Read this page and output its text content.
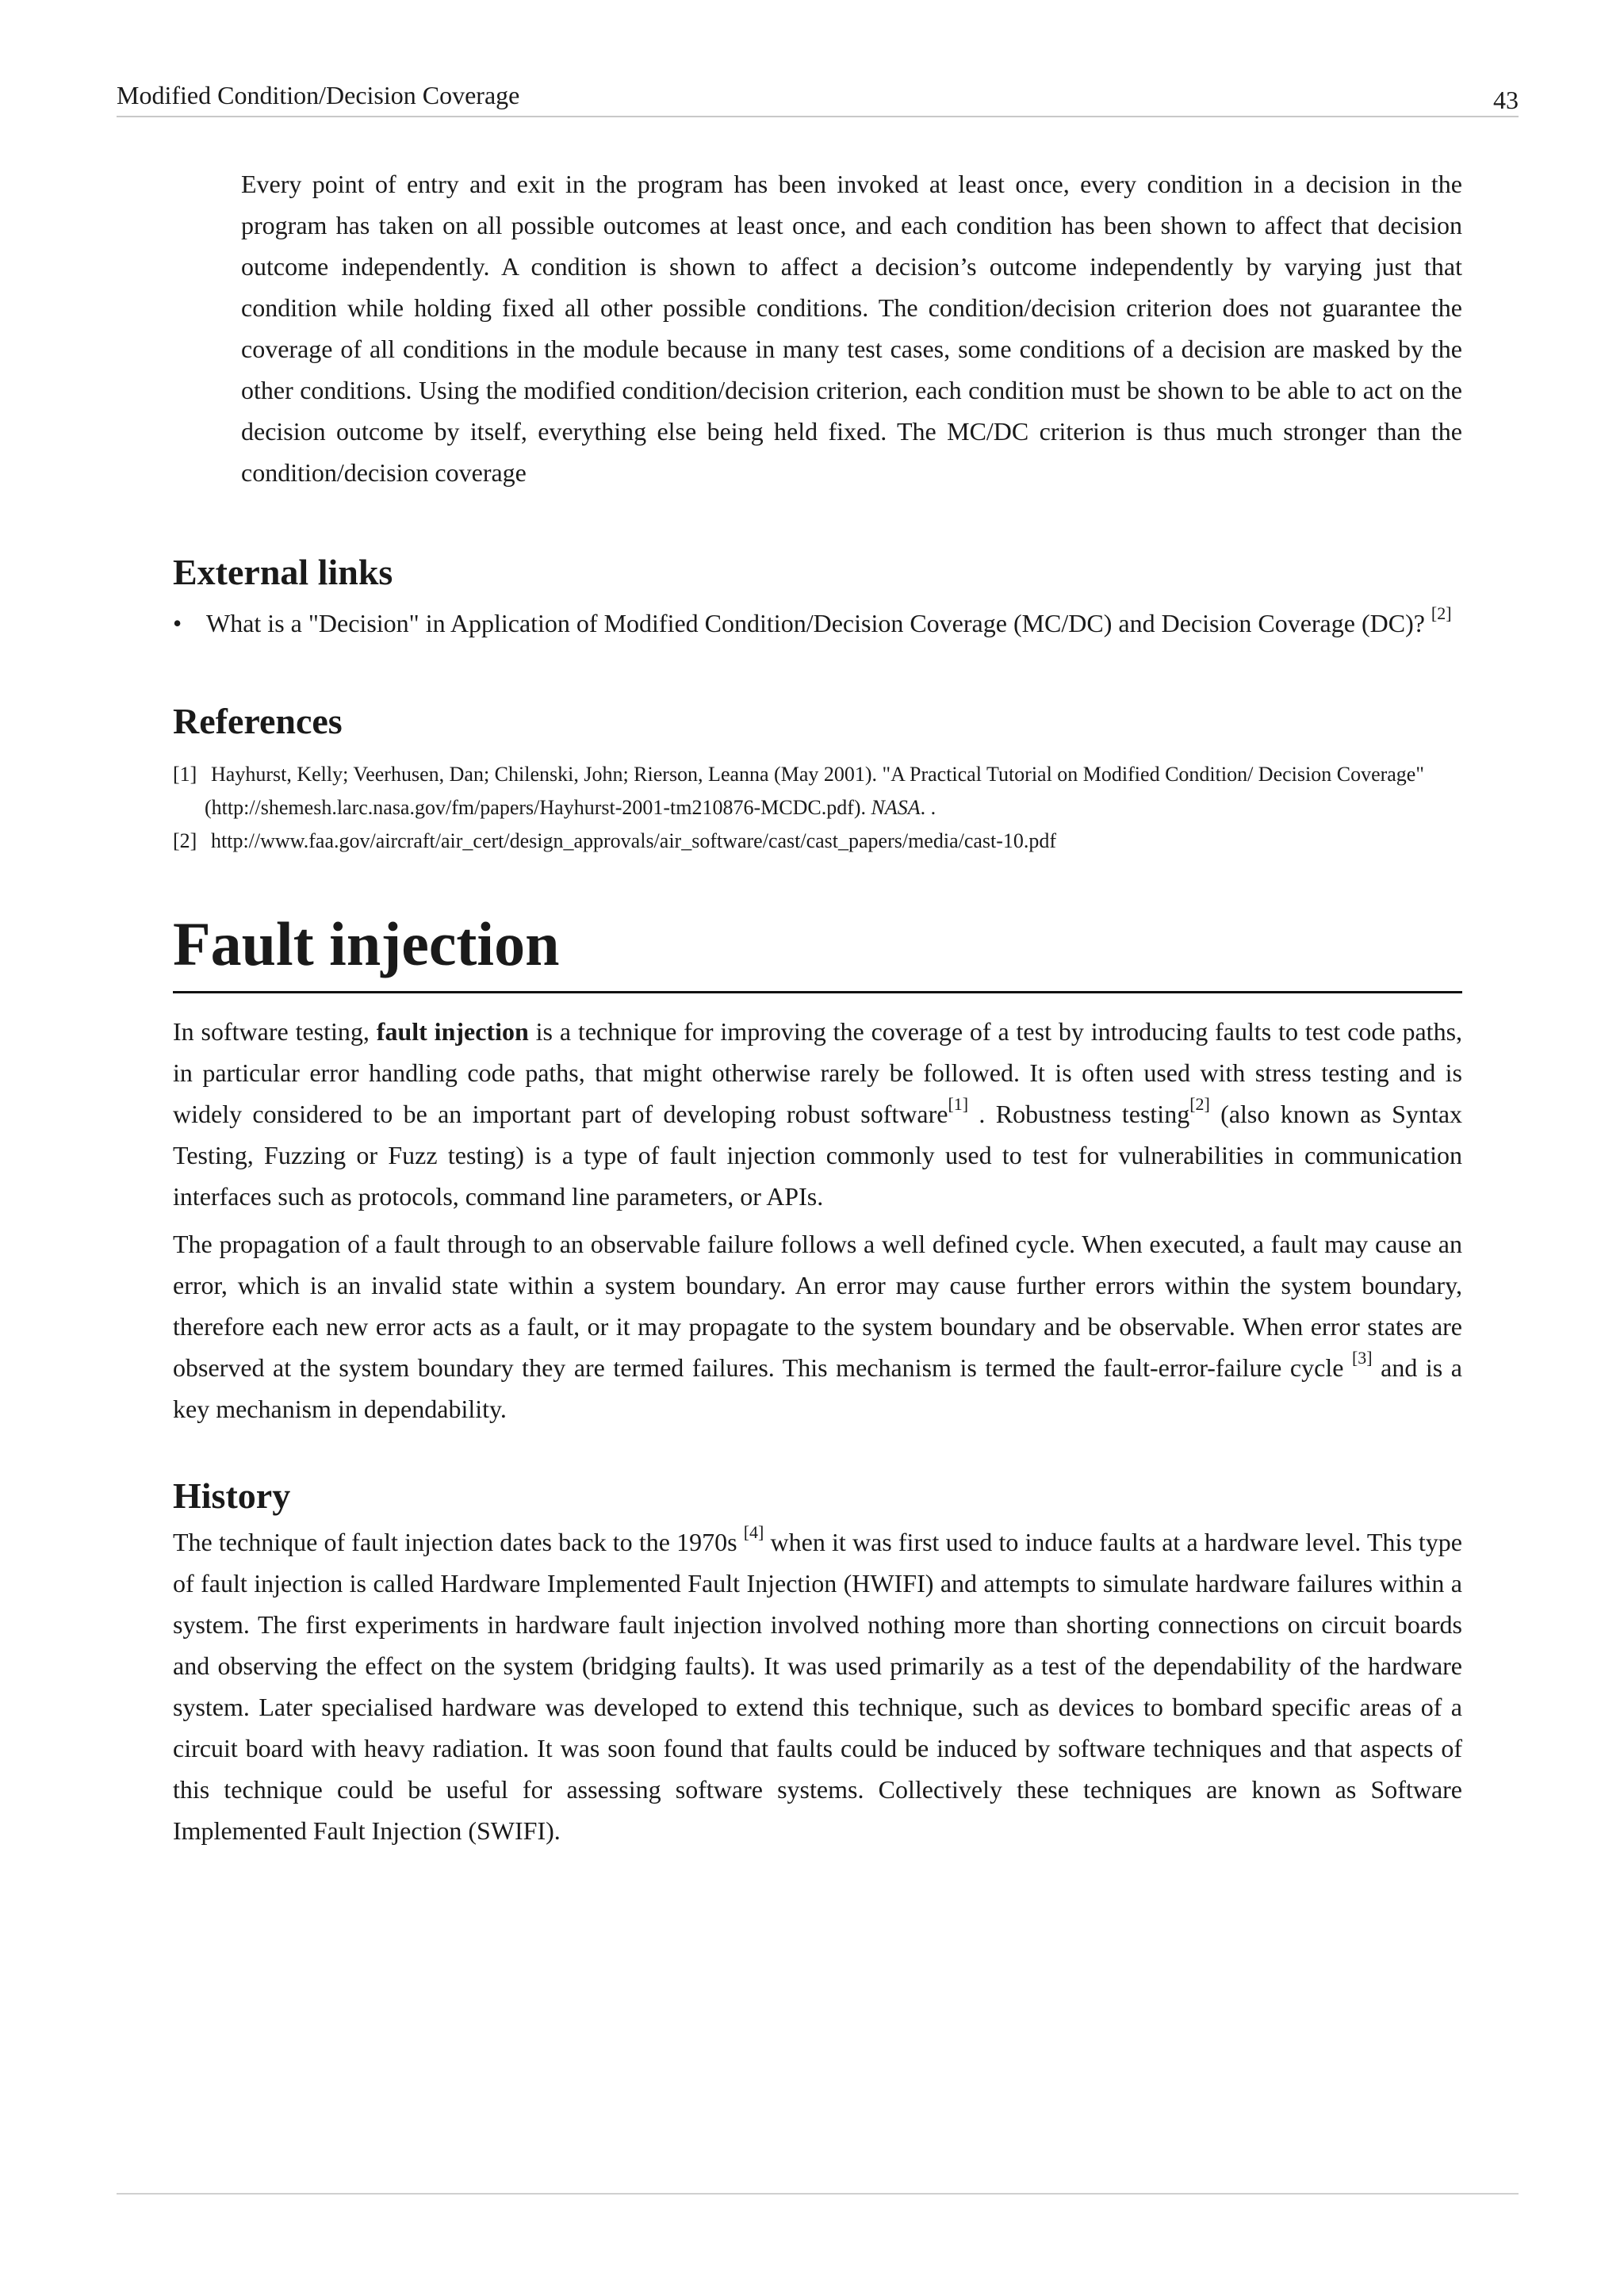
Modified Condition/Decision Coverage	43

Every point of entry and exit in the program has been invoked at least once, every condition in a decision in the program has taken on all possible outcomes at least once, and each condition has been shown to affect that decision outcome independently. A condition is shown to affect a decision’s outcome independently by varying just that condition while holding fixed all other possible conditions. The condition/decision criterion does not guarantee the coverage of all conditions in the module because in many test cases, some conditions of a decision are masked by the other conditions. Using the modified condition/decision criterion, each condition must be shown to be able to act on the decision outcome by itself, everything else being held fixed. The MC/DC criterion is thus much stronger than the condition/decision coverage

External links
• What is a "Decision" in Application of Modified Condition/Decision Coverage (MC/DC) and Decision Coverage (DC)? [2]
References
[1] Hayhurst, Kelly; Veerhusen, Dan; Chilenski, John; Rierson, Leanna (May 2001). "A Practical Tutorial on Modified Condition/ Decision Coverage" (http://shemesh.larc.nasa.gov/fm/papers/Hayhurst-2001-tm210876-MCDC.pdf). NASA. .
[2] http://www.faa.gov/aircraft/air_cert/design_approvals/air_software/cast/cast_papers/media/cast-10.pdf
Fault injection

In software testing, fault injection is a technique for improving the coverage of a test by introducing faults to test code paths, in particular error handling code paths, that might otherwise rarely be followed. It is often used with stress testing and is widely considered to be an important part of developing robust software[1] . Robustness testing[2] (also known as Syntax Testing, Fuzzing or Fuzz testing) is a type of fault injection commonly used to test for vulnerabilities in communication interfaces such as protocols, command line parameters, or APIs.

The propagation of a fault through to an observable failure follows a well defined cycle. When executed, a fault may cause an error, which is an invalid state within a system boundary. An error may cause further errors within the system boundary, therefore each new error acts as a fault, or it may propagate to the system boundary and be observable. When error states are observed at the system boundary they are termed failures. This mechanism is termed the fault-error-failure cycle [3] and is a key mechanism in dependability.

History

The technique of fault injection dates back to the 1970s [4] when it was first used to induce faults at a hardware level. This type of fault injection is called Hardware Implemented Fault Injection (HWIFI) and attempts to simulate hardware failures within a system. The first experiments in hardware fault injection involved nothing more than shorting connections on circuit boards and observing the effect on the system (bridging faults). It was used primarily as a test of the dependability of the hardware system. Later specialised hardware was developed to extend this technique, such as devices to bombard specific areas of a circuit board with heavy radiation. It was soon found that faults could be induced by software techniques and that aspects of this technique could be useful for assessing software systems. Collectively these techniques are known as Software Implemented Fault Injection (SWIFI).
